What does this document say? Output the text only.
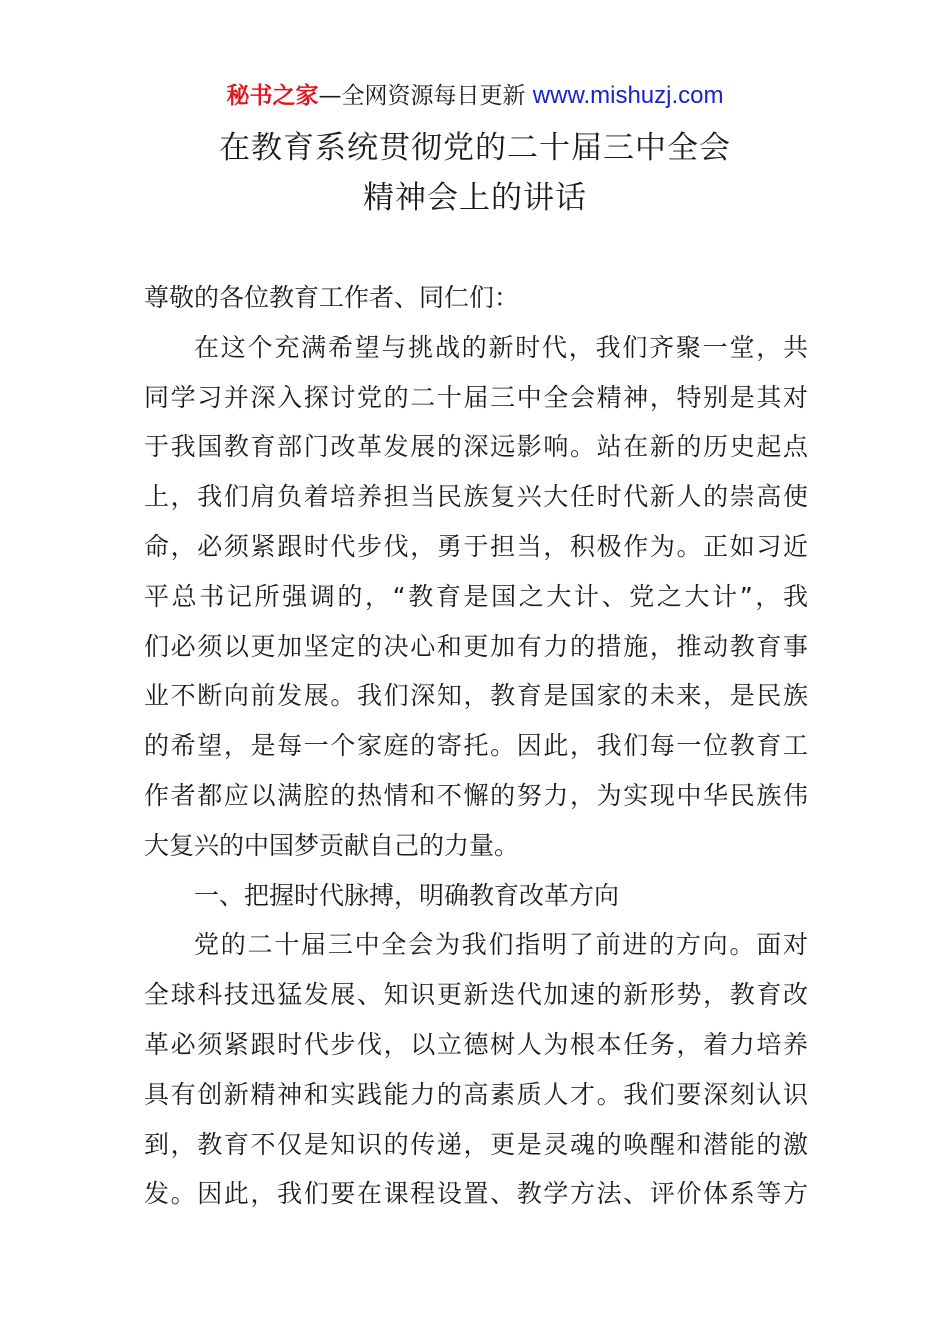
秘书之家—全网资源每日更新 www.mishuzj.com
在教育系统贯彻党的二十届三中全会
精神会上的讲话
尊敬的各位教育工作者、同仁们：
在这个充满希望与挑战的新时代，我们齐聚一堂，共
同学习并深入探讨党的二十届三中全会精神，特别是其对
于我国教育部门改革发展的深远影响。站在新的历史起点
上，我们肩负着培养担当民族复兴大任时代新人的崇高使
命，必须紧跟时代步伐，勇于担当，积极作为。正如习近
平总书记所强调的，“教育是国之大计、党之大计”，我
们必须以更加坚定的决心和更加有力的措施，推动教育事
业不断向前发展。我们深知，教育是国家的未来，是民族
的希望，是每一个家庭的寄托。因此，我们每一位教育工
作者都应以满腔的热情和不懈的努力，为实现中华民族伟
大复兴的中国梦贡献自己的力量。
一、把握时代脉搏，明确教育改革方向
党的二十届三中全会为我们指明了前进的方向。面对
全球科技迅猛发展、知识更新迭代加速的新形势，教育改
革必须紧跟时代步伐，以立德树人为根本任务，着力培养
具有创新精神和实践能力的高素质人才。我们要深刻认识
到，教育不仅是知识的传递，更是灵魂的唤醒和潜能的激
发。因此，我们要在课程设置、教学方法、评价体系等方
